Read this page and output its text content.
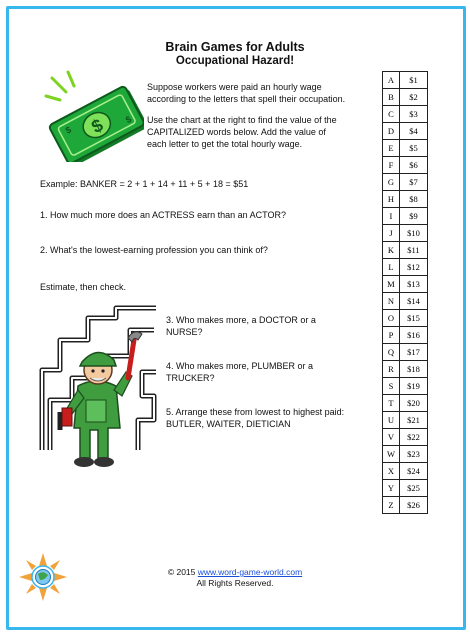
Brain Games for Adults
Occupational Hazard!
$
$
$
Suppose workers were paid an hourly wage
according to the letters that spell their occupation.
Use the chart at the right to find the value of the
CAPITALIZED words below. Add the value of
each letter to get the total hourly wage.
Example: BANKER = 2 + 1 + 14 + 11 + 5 + 18 = $51
1. How much more does an ACTRESS earn than an ACTOR?
2. What's the lowest-earning profession you can think of?
Estimate, then check.
3. Who makes more, a DOCTOR or a
NURSE?
4. Who makes more, PLUMBER or a
TRUCKER?
5. Arrange these from lowest to highest paid:
BUTLER, WAITER, DIETICIAN
A	$1
B	$2
C	$3
D	$4
E	$5
F	$6
G	$7
H	$8
I	$9
J	$10
K	$11
L	$12
M	$13
N	$14
O	$15
P	$16
Q	$17
R	$18
S	$19
T	$20
U	$21
V	$22
W	$23
X	$24
Y	$25
Z	$26
© 2015 www.word-game-world.com
All Rights Reserved.
